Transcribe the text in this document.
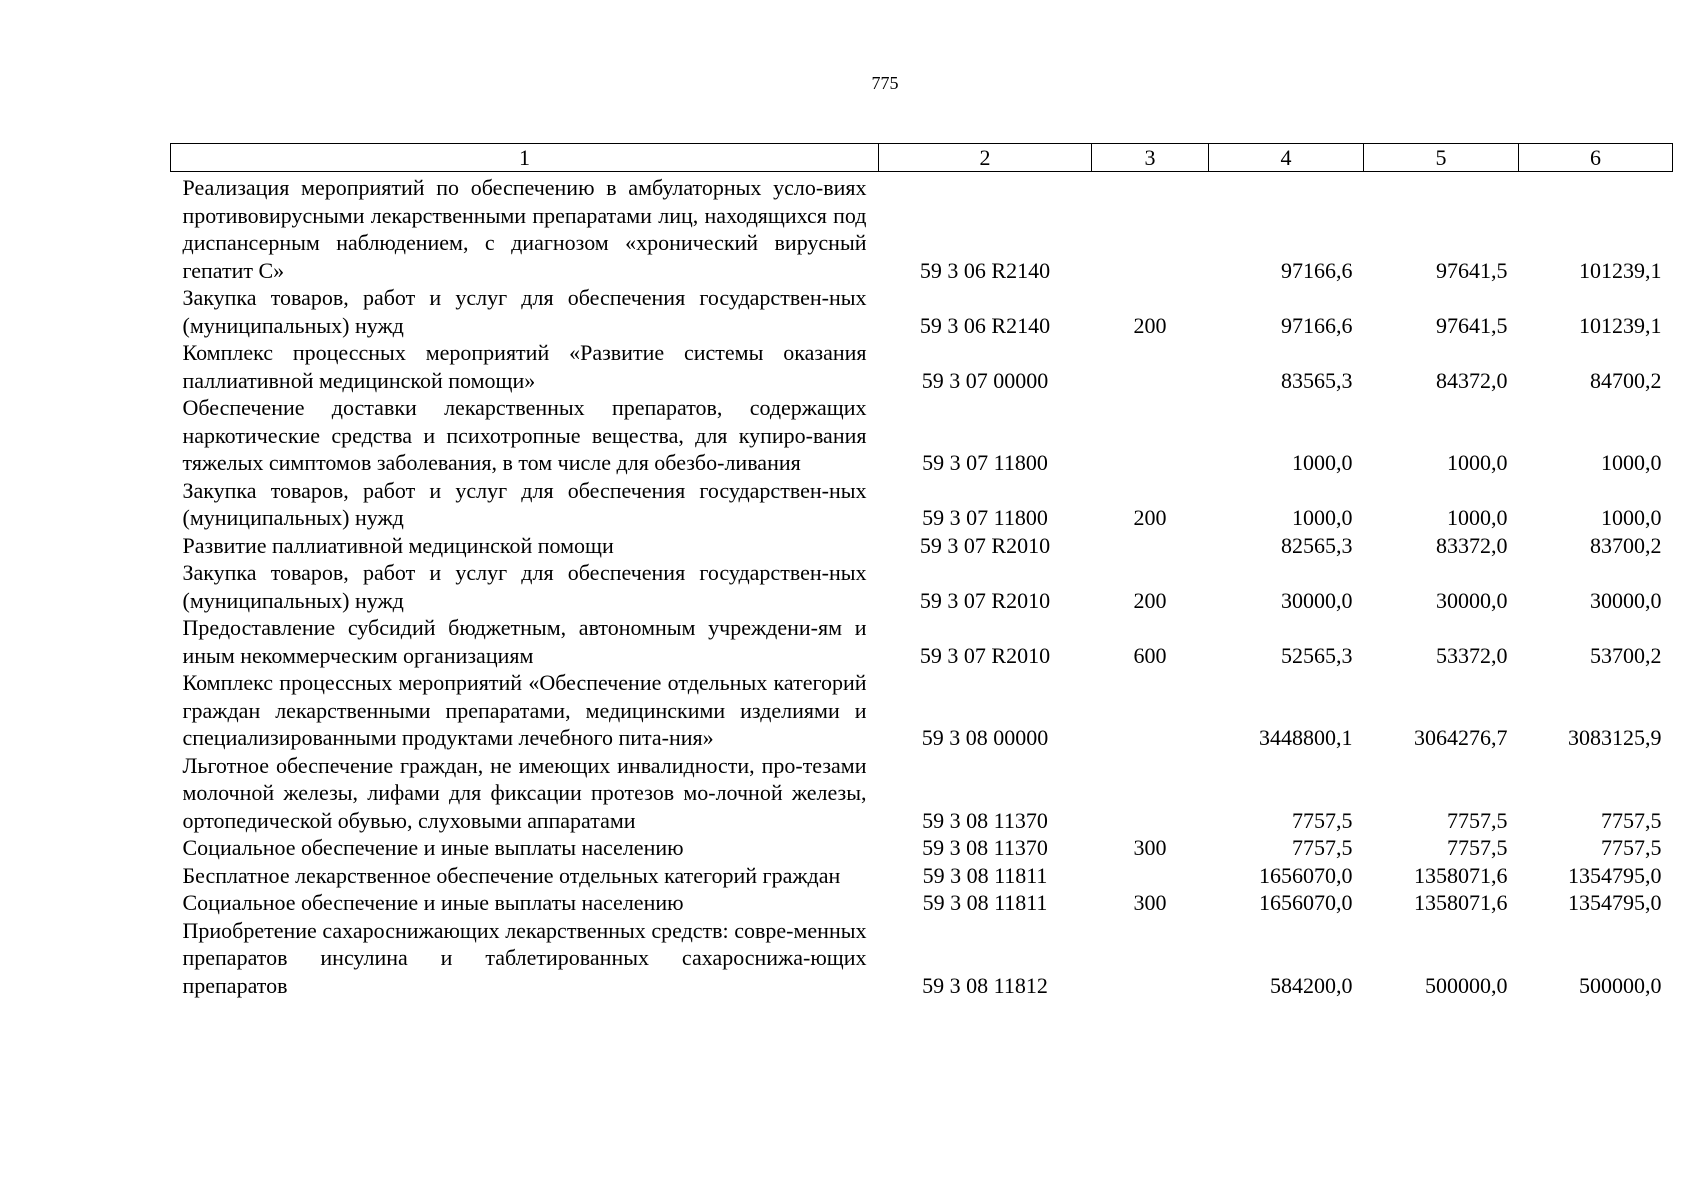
775
1	2	3	4	5	6
Реализация мероприятий по обеспечению в амбулаторных усло-виях противовирусными лекарственными препаратами лиц, находящихся под диспансерным наблюдением, с диагнозом «хронический вирусный гепатит С»	59 3 06 R2140		97166,6	97641,5	101239,1
Закупка товаров, работ и услуг для обеспечения государствен-ных (муниципальных) нужд	59 3 06 R2140	200	97166,6	97641,5	101239,1
Комплекс процессных мероприятий «Развитие системы оказания паллиативной медицинской помощи»	59 3 07 00000		83565,3	84372,0	84700,2
Обеспечение доставки лекарственных препаратов, содержащих наркотические средства и психотропные вещества, для купиро-вания тяжелых симптомов заболевания, в том числе для обезбо-ливания	59 3 07 11800		1000,0	1000,0	1000,0
Закупка товаров, работ и услуг для обеспечения государствен-ных (муниципальных) нужд	59 3 07 11800	200	1000,0	1000,0	1000,0
Развитие паллиативной медицинской помощи	59 3 07 R2010		82565,3	83372,0	83700,2
Закупка товаров, работ и услуг для обеспечения государствен-ных (муниципальных) нужд	59 3 07 R2010	200	30000,0	30000,0	30000,0
Предоставление субсидий бюджетным, автономным учреждени-ям и иным некоммерческим организациям	59 3 07 R2010	600	52565,3	53372,0	53700,2
Комплекс процессных мероприятий «Обеспечение отдельных категорий граждан лекарственными препаратами, медицинскими изделиями и специализированными продуктами лечебного пита-ния»	59 3 08 00000		3448800,1	3064276,7	3083125,9
Льготное обеспечение граждан, не имеющих инвалидности, про-тезами молочной железы, лифами для фиксации протезов мо-лочной железы, ортопедической обувью, слуховыми аппаратами	59 3 08 11370		7757,5	7757,5	7757,5
Социальное обеспечение и иные выплаты населению	59 3 08 11370	300	7757,5	7757,5	7757,5
Бесплатное лекарственное обеспечение отдельных категорий граждан	59 3 08 11811		1656070,0	1358071,6	1354795,0
Социальное обеспечение и иные выплаты населению	59 3 08 11811	300	1656070,0	1358071,6	1354795,0
Приобретение сахароснижающих лекарственных средств: совре-менных препаратов инсулина и таблетированных сахароснижа-ющих препаратов	59 3 08 11812		584200,0	500000,0	500000,0
